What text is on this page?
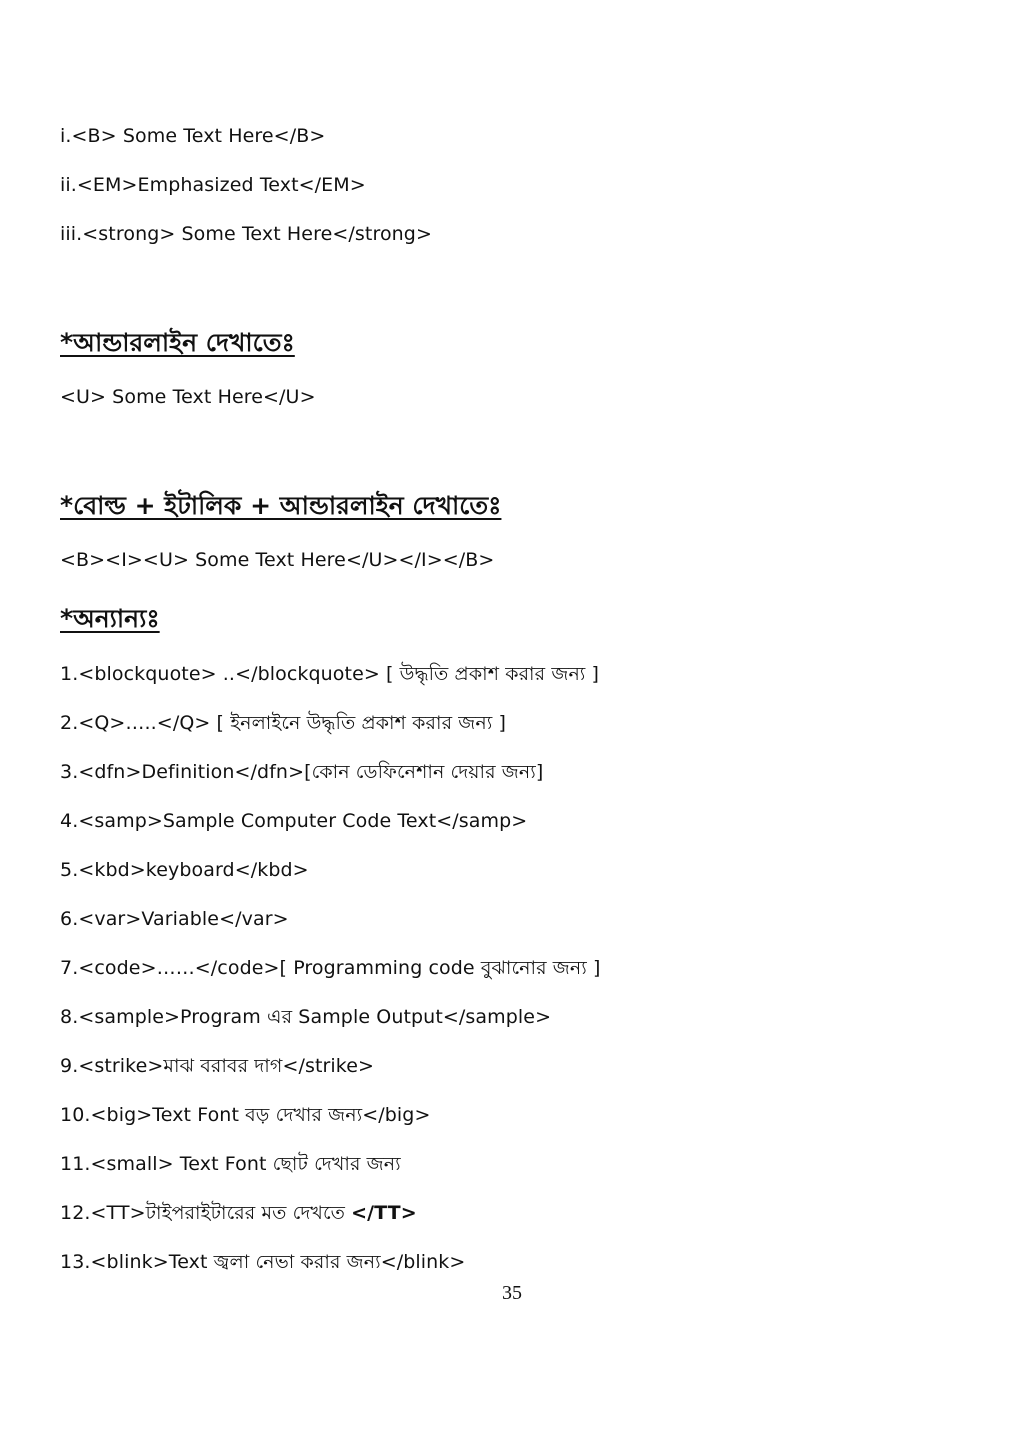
i.<B> Some Text Here</B>
ii.<EM>Emphasized Text</EM>
iii.<strong> Some Text Here</strong>
*আন্ডারলাইন দেখাতেঃ
<U> Some Text Here</U>
*বোল্ড + ইটালিক + আন্ডারলাইন দেখাতেঃ
<B><I><U> Some Text Here</U></I></B>
*অন্যান্যঃ
1.<blockquote> ..</blockquote> [ উদ্ধৃতি প্রকাশ করার জন্য ]
2.<Q>…..</Q> [ ইনলাইনে উদ্ধৃতি প্রকাশ করার জন্য ]
3.<dfn>Definition</dfn>[কোন ডেফিনেশান দেয়ার জন্য]
4.<samp>Sample Computer Code Text</samp>
5.<kbd>keyboard</kbd>
6.<var>Variable</var>
7.<code>……</code>[ Programming code বুঝানোর জন্য ]
8.<sample>Program এর Sample Output</sample>
9.<strike>মাঝ বরাবর দাগ</strike>
10.<big>Text Font বড় দেখার জন্য</big>
11.<small> Text Font ছোট দেখার জন্য
12.<TT>টাইপরাইটারের মত দেখতে </TT>
13.<blink>Text জ্বলা নেভা করার জন্য</blink>
35
